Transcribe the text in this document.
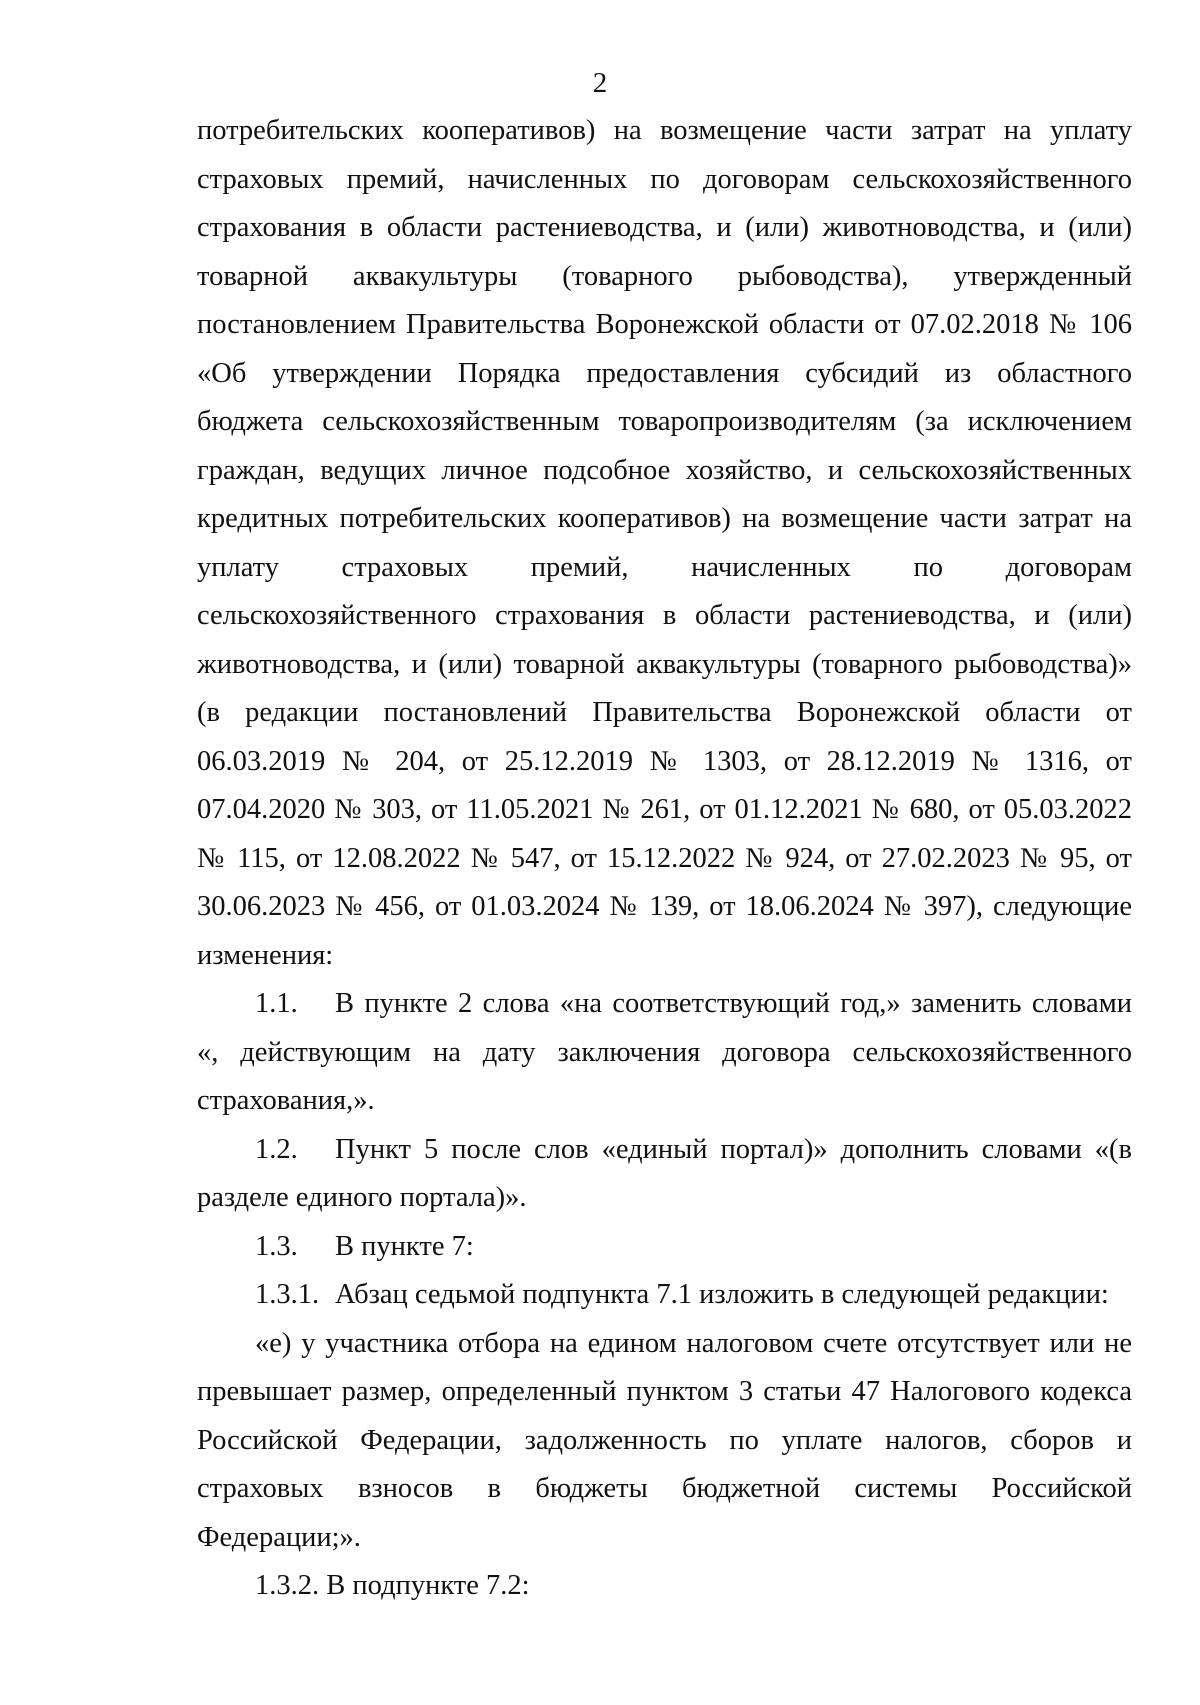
2

потребительских кооперативов) на возмещение части затрат на уплату страховых премий, начисленных по договорам сельскохозяйственного страхования в области растениеводства, и (или) животноводства, и (или) товарной аквакультуры (товарного рыбоводства), утвержденный постановлением Правительства Воронежской области от 07.02.2018 № 106 «Об утверждении Порядка предоставления субсидий из областного бюджета сельскохозяйственным товаропроизводителям (за исключением граждан, ведущих личное подсобное хозяйство, и сельскохозяйственных кредитных потребительских кооперативов) на возмещение части затрат на уплату страховых премий, начисленных по договорам сельскохозяйственного страхования в области растениеводства, и (или) животноводства, и (или) товарной аквакультуры (товарного рыбоводства)» (в редакции постановлений Правительства Воронежской области от 06.03.2019 № 204, от 25.12.2019 № 1303, от 28.12.2019 № 1316, от 07.04.2020 № 303, от 11.05.2021 № 261, от 01.12.2021 № 680, от 05.03.2022 № 115, от 12.08.2022 № 547, от 15.12.2022 № 924, от 27.02.2023 № 95, от 30.06.2023 № 456, от 01.03.2024 № 139, от 18.06.2024 № 397), следующие изменения:

1.1. В пункте 2 слова «на соответствующий год,» заменить словами «, действующим на дату заключения договора сельскохозяйственного страхования,».

1.2. Пункт 5 после слов «единый портал)» дополнить словами «(в разделе единого портала)».

1.3. В пункте 7:

1.3.1. Абзац седьмой подпункта 7.1 изложить в следующей редакции:

«е) у участника отбора на едином налоговом счете отсутствует или не превышает размер, определенный пунктом 3 статьи 47 Налогового кодекса Российской Федерации, задолженность по уплате налогов, сборов и страховых взносов в бюджеты бюджетной системы Российской Федерации;».

1.3.2. В подпункте 7.2:
